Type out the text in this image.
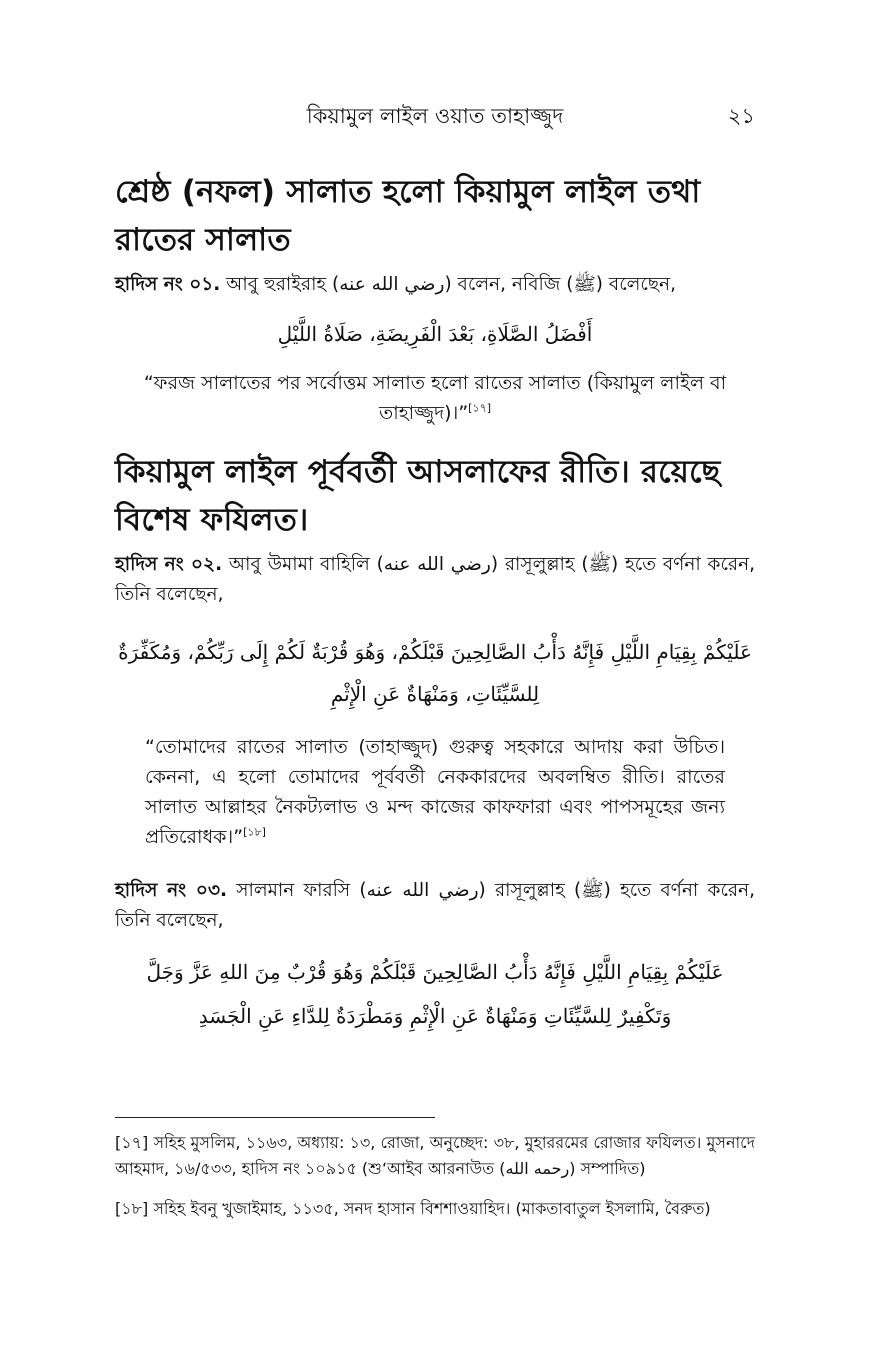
কিয়ামুল লাইল ওয়াত তাহাজ্জুদ	২১
শ্রেষ্ঠ (নফল) সালাত হলো কিয়ামুল লাইল তথা রাতের সালাত
হাদিস নং ০১. আবু হুরাইরাহ (رضي الله عنه) বলেন, নবিজি (ﷺ) বলেছেন,
أَفْضَلُ الصَّلَاةِ، بَعْدَ الْفَرِيضَةِ، صَلَاةُ اللَّيْلِ
“ফরজ সালাতের পর সর্বোত্তম সালাত হলো রাতের সালাত (কিয়ামুল লাইল বা তাহাজ্জুদ)।”[১৭]
কিয়ামুল লাইল পূর্ববর্তী আসলাফের রীতি। রয়েছে বিশেষ ফযিলত।
হাদিস নং ০২. আবু উমামা বাহিলি (رضي الله عنه) রাসূলুল্লাহ (ﷺ) হতে বর্ণনা করেন, তিনি বলেছেন,
عَلَيْكُمْ بِقِيَامِ اللَّيْلِ فَإِنَّهُ دَأْبُ الصَّالِحِينَ قَبْلَكُمْ، وَهُوَ قُرْبَةٌ لَكُمْ إِلَى رَبِّكُمْ، وَمُكَفِّرَةٌ
لِلسَّيِّئَاتِ، وَمَنْهَاةٌ عَنِ الْإِثْمِ
“তোমাদের রাতের সালাত (তাহাজ্জুদ) গুরুত্ব সহকারে আদায় করা উচিত। কেননা, এ হলো তোমাদের পূর্ববর্তী নেককারদের অবলম্বিত রীতি। রাতের সালাত আল্লাহর নৈকট্যলাভ ও মন্দ কাজের কাফফারা এবং পাপসমূহের জন্য প্রতিরোধক।”[১৮]
হাদিস নং ০৩. সালমান ফারসি (رضي الله عنه) রাসূলুল্লাহ (ﷺ) হতে বর্ণনা করেন, তিনি বলেছেন,
عَلَيْكُمْ بِقِيَامِ اللَّيْلِ فَإِنَّهُ دَأْبُ الصَّالِحِينَ قَبْلَكُمْ وَهُوَ قُرْبٌ مِنَ اللهِ عَزَّ وَجَلَّ
وَتَكْفِيرٌ لِلسَّيِّئَاتِ وَمَنْهَاةٌ عَنِ الْإِثْمِ وَمَطْرَدَةٌ لِلدَّاءِ عَنِ الْجَسَدِ
[১৭] সহিহ মুসলিম, ১১৬৩, অধ্যায়: ১৩, রোজা, অনুচ্ছেদ: ৩৮, মুহাররমের রোজার ফযিলত। মুসনাদে আহমাদ, ১৬/৫৩৩, হাদিস নং ১০৯১৫ (শু‘আইব আরনাউত (رحمه الله) সম্পাদিত)
[১৮] সহিহ ইবনু খুজাইমাহ, ১১৩৫, সনদ হাসান বিশশাওয়াহিদ। (মাকতাবাতুল ইসলামি, বৈরুত)
